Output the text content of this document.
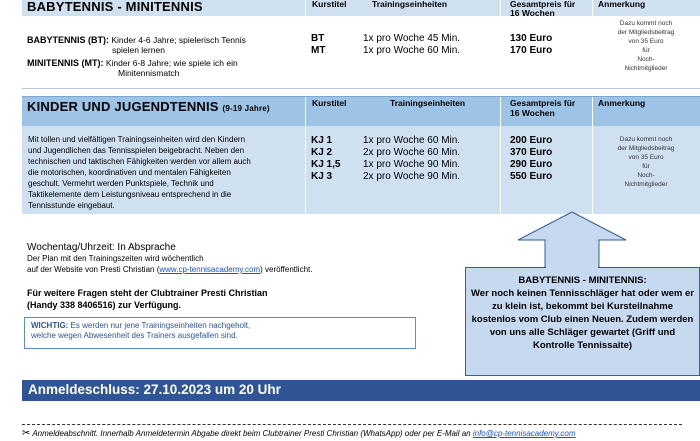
BABYTENNIS - MINITENNIS	Kurstitel	Trainingseinheiten	Gesamtpreis für
16 Wochen
Anmerkung
BABYTENNIS (BT): Kinder 4-6 Jahre; spielerisch Tennis
spielen lernen
MINITENNIS (MT): Kinder 6-8 Jahre; wie spiele ich ein
Minitennismatch
BT	1x pro Woche 45 Min.	130 Euro
MT	1x pro Woche 60 Min.	170 Euro
Dazu kommt noch
der Mitgliedsbeitrag
von 35 Euro
für
Noch-
Nichtmitglieder
KINDER UND JUGENDTENNIS (9-19 Jahre)
Kurstitel	Trainingseinheiten	Gesamtpreis für
16 Wochen
Anmerkung
Mit tollen und vielfältigen Trainingseinheiten wird den Kindern
und Jugendlichen das Tennisspielen beigebracht. Neben den
technischen und taktischen Fähigkeiten werden vor allem auch
die motorischen, koordinativen und mentalen Fähigkeiten
geschult. Vermehrt werden Punktspiele, Technik und
Taktikelemente dem Leistungsniveau entsprechend in die
Tennisstunde eingebaut.
KJ 1	1x pro Woche 60 Min.	200 Euro
KJ 2	2x pro Woche 60 Min.	370 Euro
KJ 1,5 1x pro Woche 90 Min.	290 Euro
KJ 3	2x pro Woche 90 Min.	550 Euro
Dazu kommt noch
der Mitgliedsbeitrag
von 35 Euro
für
Noch-
Nichtmitglieder
Wochentag/Uhrzeit: In Absprache
Der Plan mit den Trainingszeiten wird wöchentlich
auf der Website von Presti Christian (www.cp-tennisacademy.com) veröffentlicht.
Für weitere Fragen steht der Clubtrainer Presti Christian
(Handy 338 8406516) zur Verfügung.
WICHTIG: Es werden nur jene Trainingseinheiten nachgeholt,
welche wegen Abwesenheit des Trainers ausgefallen sind.
BABYTENNIS - MINITENNIS:
Wer noch keinen Tennisschläger hat oder wem er zu klein ist, bekommt bei Kursteilnahme kostenlos vom Club einen Neuen. Zudem werden von uns alle Schläger gewartet (Griff und Kontrolle Tennissaite)
Anmeldeschluss: 27.10.2023 um 20 Uhr
✂ Anmeldeabschnitt. Innerhalb Anmeldetermin Abgabe direkt beim Clubtrainer Presti Christian (WhatsApp) oder per E-Mail an info@cp-tennisacademy.com
